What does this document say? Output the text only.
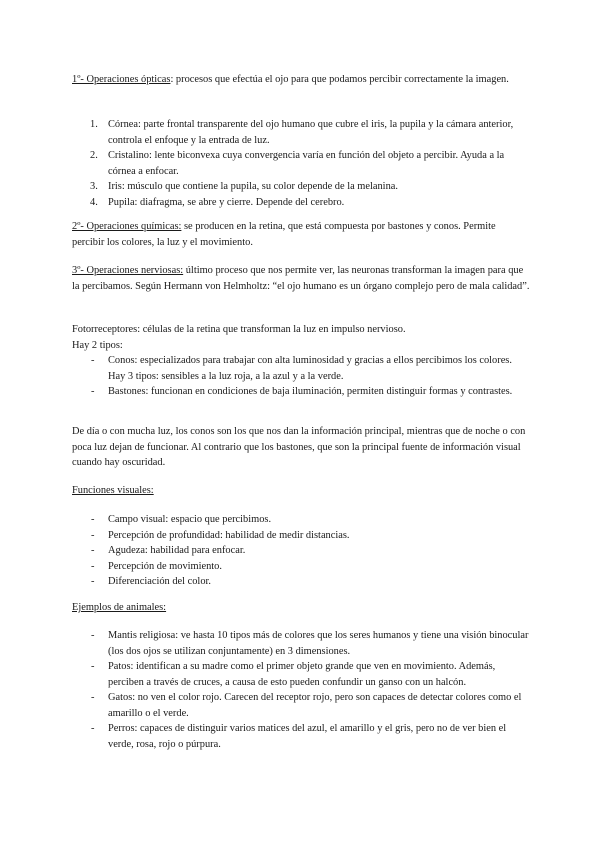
1º- Operaciones ópticas: procesos que efectúa el ojo para que podamos percibir correctamente la imagen.

1. Córnea: parte frontal transparente del ojo humano que cubre el iris, la pupila y la cámara anterior, controla el enfoque y la entrada de luz.
2. Cristalino: lente biconvexa cuya convergencia varía en función del objeto a percibir. Ayuda a la córnea a enfocar.
3. Iris: músculo que contiene la pupila, su color depende de la melanina.
4. Pupila: diafragma, se abre y cierre. Depende del cerebro.

2º- Operaciones químicas: se producen en la retina, que está compuesta por bastones y conos. Permite percibir los colores, la luz y el movimiento.

3º- Operaciones nerviosas: último proceso que nos permite ver, las neuronas transforman la imagen para que la percibamos. Según Hermann von Helmholtz: “el ojo humano es un órgano complejo pero de mala calidad”.

Fotorreceptores: células de la retina que transforman la luz en impulso nervioso.

Hay 2 tipos:

- Conos: especializados para trabajar con alta luminosidad y gracias a ellos percibimos los colores. Hay 3 tipos: sensibles a la luz roja, a la azul y a la verde.
- Bastones: funcionan en condiciones de baja iluminación, permiten distinguir formas y contrastes.

De día o con mucha luz, los conos son los que nos dan la información principal, mientras que de noche o con poca luz dejan de funcionar. Al contrario que los bastones, que son la principal fuente de información visual cuando hay oscuridad.

Funciones visuales:

- Campo visual: espacio que percibimos.
- Percepción de profundidad: habilidad de medir distancias.
- Agudeza: habilidad para enfocar.
- Percepción de movimiento.
- Diferenciación del color.

Ejemplos de animales:

- Mantis religiosa: ve hasta 10 tipos más de colores que los seres humanos y tiene una visión binocular (los dos ojos se utilizan conjuntamente) en 3 dimensiones.
- Patos: identifican a su madre como el primer objeto grande que ven en movimiento. Además, perciben a través de cruces, a causa de esto pueden confundir un ganso con un halcón.
- Gatos: no ven el color rojo. Carecen del receptor rojo, pero son capaces de detectar colores como el amarillo o el verde.
- Perros: capaces de distinguir varios matices del azul, el amarillo y el gris, pero no de ver bien el verde, rosa, rojo o púrpura.
